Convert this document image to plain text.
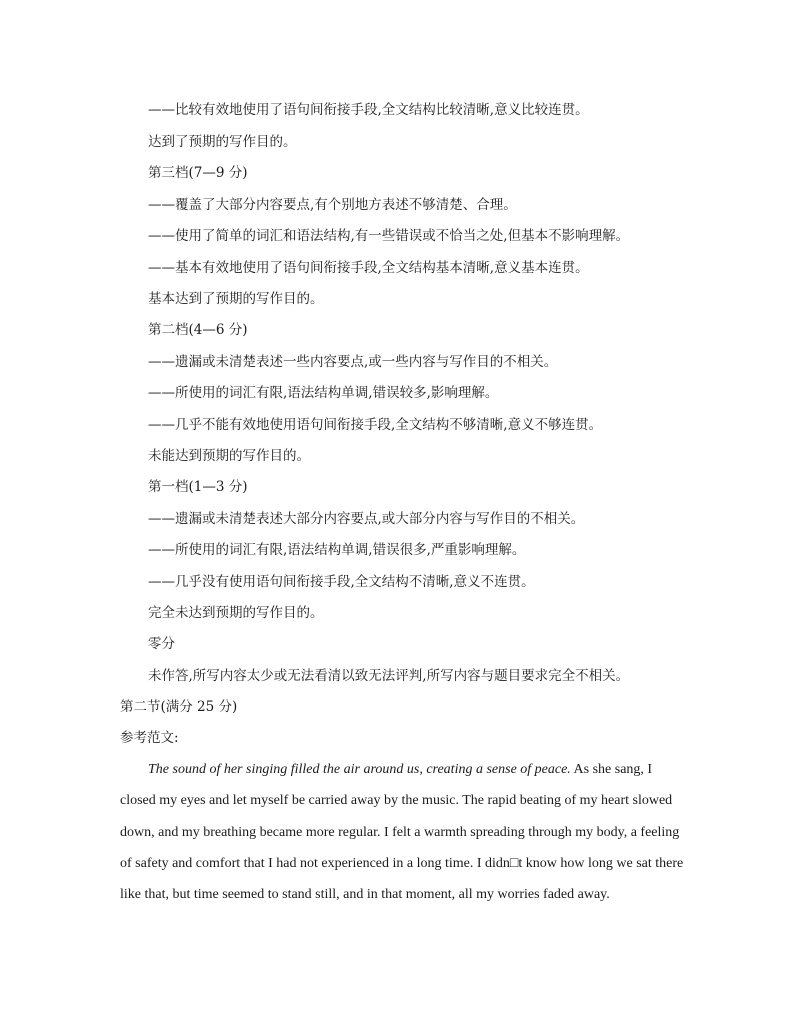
——比较有效地使用了语句间衔接手段,全文结构比较清晰,意义比较连贯。
达到了预期的写作目的。
第三档(7—9 分)
——覆盖了大部分内容要点,有个别地方表述不够清楚、合理。
——使用了简单的词汇和语法结构,有一些错误或不恰当之处,但基本不影响理解。
——基本有效地使用了语句间衔接手段,全文结构基本清晰,意义基本连贯。
基本达到了预期的写作目的。
第二档(4—6 分)
——遗漏或未清楚表述一些内容要点,或一些内容与写作目的不相关。
——所使用的词汇有限,语法结构单调,错误较多,影响理解。
——几乎不能有效地使用语句间衔接手段,全文结构不够清晰,意义不够连贯。
未能达到预期的写作目的。
第一档(1—3 分)
——遗漏或未清楚表述大部分内容要点,或大部分内容与写作目的不相关。
——所使用的词汇有限,语法结构单调,错误很多,严重影响理解。
——几乎没有使用语句间衔接手段,全文结构不清晰,意义不连贯。
完全未达到预期的写作目的。
零分
未作答,所写内容太少或无法看清以致无法评判,所写内容与题目要求完全不相关。
第二节(满分 25 分)
参考范文:
The sound of her singing filled the air around us, creating a sense of peace. As she sang, I
closed my eyes and let myself be carried away by the music. The rapid beating of my heart slowed
down, and my breathing became more regular. I felt a warmth spreading through my body, a feeling
of safety and comfort that I had not experienced in a long time. I didn□t know how long we sat there
like that, but time seemed to stand still, and in that moment, all my worries faded away.
